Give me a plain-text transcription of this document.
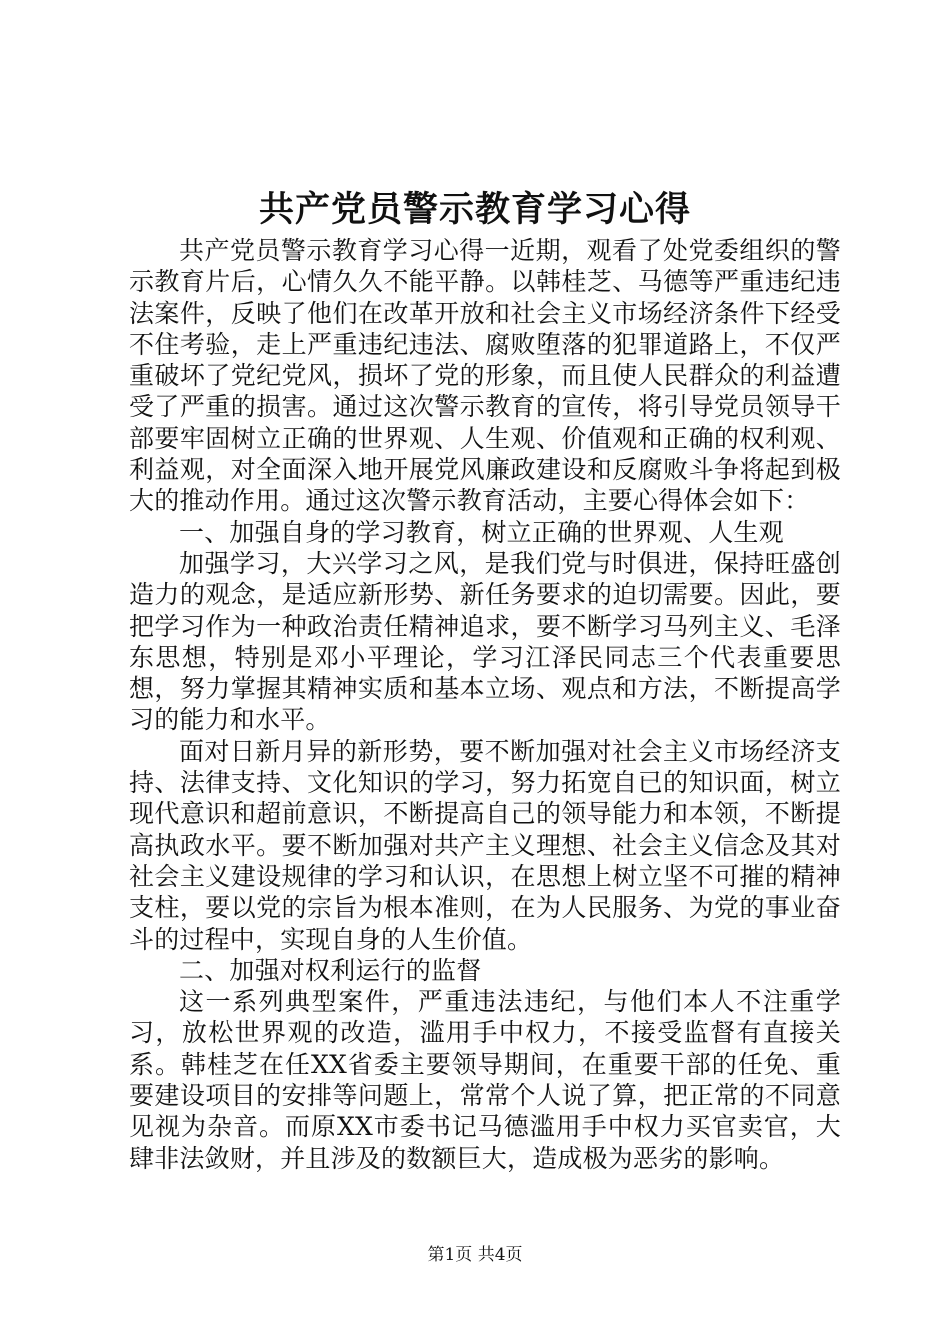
共产党员警示教育学习心得

共产党员警示教育学习心得一近期，观看了处党委组织的警示教育片后，心情久久不能平静。以韩桂芝、马德等严重违纪违法案件，反映了他们在改革开放和社会主义市场经济条件下经受不住考验，走上严重违纪违法、腐败堕落的犯罪道路上，不仅严重破坏了党纪党风，损坏了党的形象，而且使人民群众的利益遭受了严重的损害。通过这次警示教育的宣传，将引导党员领导干部要牢固树立正确的世界观、人生观、价值观和正确的权利观、利益观，对全面深入地开展党风廉政建设和反腐败斗争将起到极大的推动作用。通过这次警示教育活动，主要心得体会如下：

一、加强自身的学习教育，树立正确的世界观、人生观

加强学习，大兴学习之风，是我们党与时俱进，保持旺盛创造力的观念，是适应新形势、新任务要求的迫切需要。因此，要把学习作为一种政治责任精神追求，要不断学习马列主义、毛泽东思想，特别是邓小平理论，学习江泽民同志三个代表重要思想，努力掌握其精神实质和基本立场、观点和方法，不断提高学习的能力和水平。

面对日新月异的新形势，要不断加强对社会主义市场经济支持、法律支持、文化知识的学习，努力拓宽自已的知识面，树立现代意识和超前意识，不断提高自己的领导能力和本领，不断提高执政水平。要不断加强对共产主义理想、社会主义信念及其对社会主义建设规律的学习和认识，在思想上树立坚不可摧的精神支柱，要以党的宗旨为根本准则，在为人民服务、为党的事业奋斗的过程中，实现自身的人生价值。

二、加强对权利运行的监督

这一系列典型案件，严重违法违纪，与他们本人不注重学习，放松世界观的改造，滥用手中权力，不接受监督有直接关系。韩桂芝在任XX省委主要领导期间，在重要干部的任免、重要建设项目的安排等问题上，常常个人说了算，把正常的不同意见视为杂音。而原XX市委书记马德滥用手中权力买官卖官，大肆非法敛财，并且涉及的数额巨大，造成极为恶劣的影响。

第1页 共4页
